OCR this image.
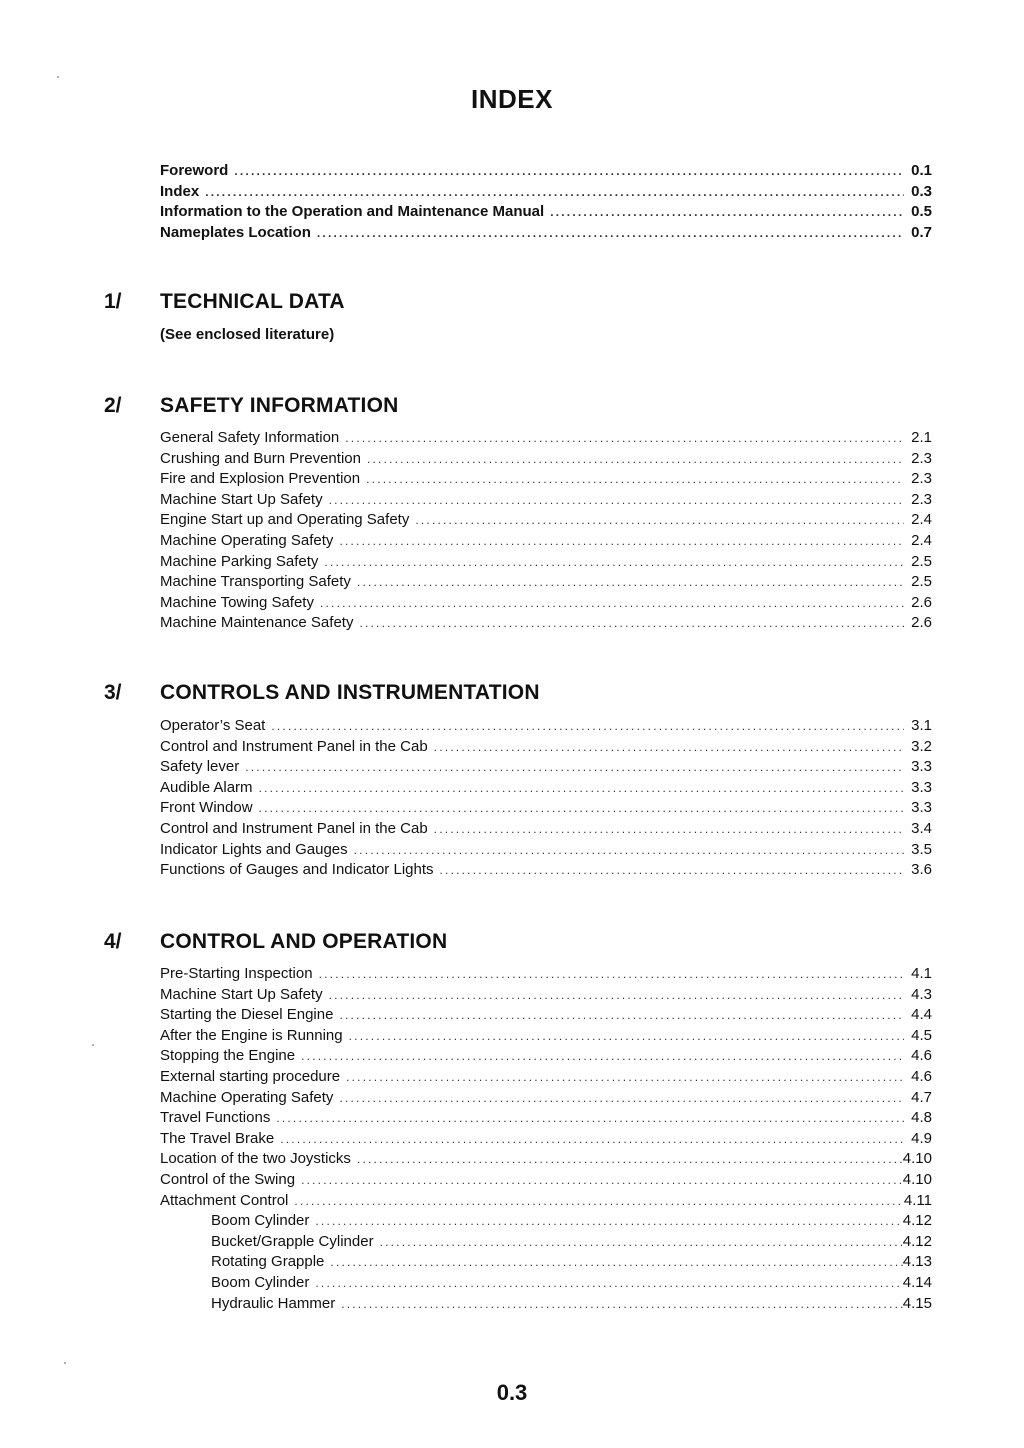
INDEX
Foreword .....	0.1
Index .....	0.3
Information to the Operation and Maintenance Manual .....	0.5
Nameplates Location .....	0.7
1/ TECHNICAL DATA
(See enclosed literature)
2/ SAFETY INFORMATION
General Safety Information .....	2.1
Crushing and Burn Prevention .....	2.3
Fire and Explosion Prevention .....	2.3
Machine Start Up Safety .....	2.3
Engine Start up and Operating Safety .....	2.4
Machine Operating Safety .....	2.4
Machine Parking Safety .....	2.5
Machine Transporting Safety .....	2.5
Machine Towing Safety .....	2.6
Machine Maintenance Safety .....	2.6
3/ CONTROLS AND INSTRUMENTATION
Operator’s Seat .....	3.1
Control and Instrument Panel in the Cab .....	3.2
Safety lever .....	3.3
Audible Alarm .....	3.3
Front Window .....	3.3
Control and Instrument Panel in the Cab .....	3.4
Indicator Lights and Gauges .....	3.5
Functions of Gauges and Indicator Lights .....	3.6
4/ CONTROL AND OPERATION
Pre-Starting Inspection .....	4.1
Machine Start Up Safety .....	4.3
Starting the Diesel Engine .....	4.4
After the Engine is Running .....	4.5
Stopping the Engine .....	4.6
External starting procedure .....	4.6
Machine Operating Safety .....	4.7
Travel Functions .....	4.8
The Travel Brake .....	4.9
Location of the two Joysticks .....	4.10
Control of the Swing .....	4.10
Attachment Control .....	4.11
Boom Cylinder .....	4.12
Bucket/Grapple Cylinder .....	4.12
Rotating Grapple .....	4.13
Boom Cylinder .....	4.14
Hydraulic Hammer .....	4.15
0.3
